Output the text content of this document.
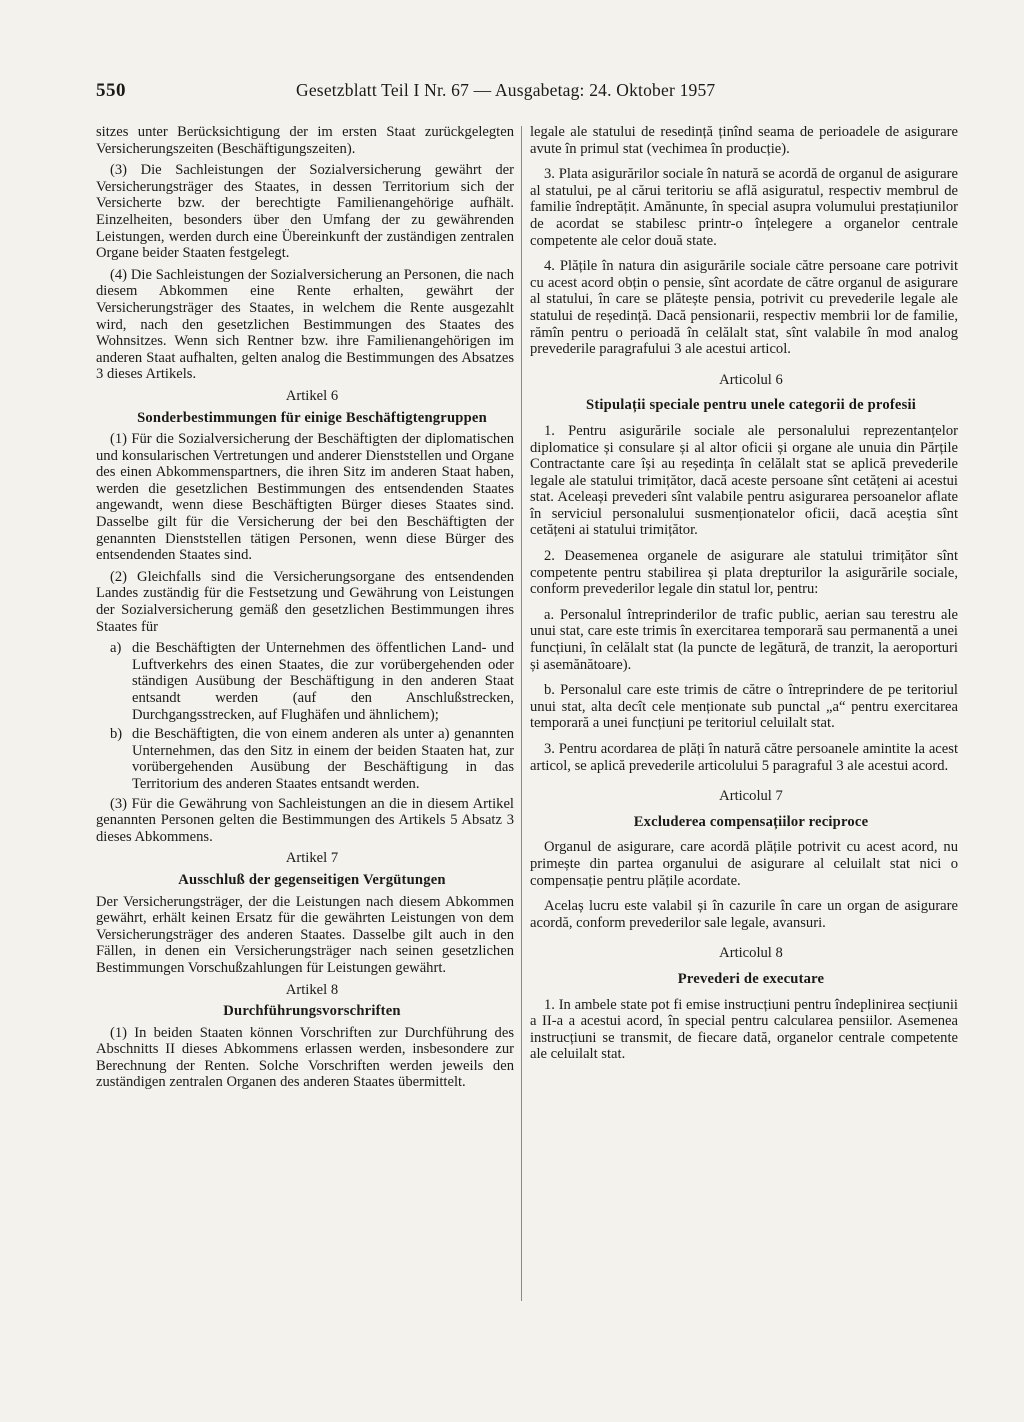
550	Gesetzblatt Teil I Nr. 67 — Ausgabetag: 24. Oktober 1957

sitzes unter Berücksichtigung der im ersten Staat zurückgelegten Versicherungszeiten (Beschäftigungszeiten).

(3) Die Sachleistungen der Sozialversicherung gewährt der Versicherungsträger des Staates, in dessen Territorium sich der Versicherte bzw. der berechtigte Familienangehörige aufhält. Einzelheiten, besonders über den Umfang der zu gewährenden Leistungen, werden durch eine Übereinkunft der zuständigen zentralen Organe beider Staaten festgelegt.

(4) Die Sachleistungen der Sozialversicherung an Personen, die nach diesem Abkommen eine Rente erhalten, gewährt der Versicherungsträger des Staates, in welchem die Rente ausgezahlt wird, nach den gesetzlichen Bestimmungen des Staates des Wohnsitzes. Wenn sich Rentner bzw. ihre Familienangehörigen im anderen Staat aufhalten, gelten analog die Bestimmungen des Absatzes 3 dieses Artikels.

Artikel 6

Sonderbestimmungen für einige Beschäftigtengruppen

(1) Für die Sozialversicherung der Beschäftigten der diplomatischen und konsularischen Vertretungen und anderer Dienststellen und Organe des einen Abkommenspartners, die ihren Sitz im anderen Staat haben, werden die gesetzlichen Bestimmungen des entsendenden Staates angewandt, wenn diese Beschäftigten Bürger dieses Staates sind. Dasselbe gilt für die Versicherung der bei den Beschäftigten der genannten Dienststellen tätigen Personen, wenn diese Bürger des entsendenden Staates sind.

(2) Gleichfalls sind die Versicherungsorgane des entsendenden Landes zuständig für die Festsetzung und Gewährung von Leistungen der Sozialversicherung gemäß den gesetzlichen Bestimmungen ihres Staates für

a) die Beschäftigten der Unternehmen des öffentlichen Land- und Luftverkehrs des einen Staates, die zur vorübergehenden oder ständigen Ausübung der Beschäftigung in den anderen Staat entsandt werden (auf den Anschlußstrecken, Durchgangsstrecken, auf Flughäfen und ähnlichem);
b) die Beschäftigten, die von einem anderen als unter a) genannten Unternehmen, das den Sitz in einem der beiden Staaten hat, zur vorübergehenden Ausübung der Beschäftigung in das Territorium des anderen Staates entsandt werden.

(3) Für die Gewährung von Sachleistungen an die in diesem Artikel genannten Personen gelten die Bestimmungen des Artikels 5 Absatz 3 dieses Abkommens.

Artikel 7

Ausschluß der gegenseitigen Vergütungen

Der Versicherungsträger, der die Leistungen nach diesem Abkommen gewährt, erhält keinen Ersatz für die gewährten Leistungen von dem Versicherungsträger des anderen Staates. Dasselbe gilt auch in den Fällen, in denen ein Versicherungsträger nach seinen gesetzlichen Bestimmungen Vorschußzahlungen für Leistungen gewährt.

Artikel 8

Durchführungsvorschriften

(1) In beiden Staaten können Vorschriften zur Durchführung des Abschnitts II dieses Abkommens erlassen werden, insbesondere zur Berechnung der Renten. Solche Vorschriften werden jeweils den zuständigen zentralen Organen des anderen Staates übermittelt.

legale ale statului de resedință ținînd seama de perioadele de asigurare avute în primul stat (vechimea în producție).

3. Plata asigurărilor sociale în natură se acordă de organul de asigurare al statului, pe al cărui teritoriu se află asiguratul, respectiv membrul de familie îndreptățit. Amănunte, în special asupra volumului prestațiunilor de acordat se stabilesc printr-o înțelegere a organelor centrale competente ale celor două state.

4. Plățile în natura din asigurările sociale către persoane care potrivit cu acest acord obțin o pensie, sînt acordate de către organul de asigurare al statului, în care se plătește pensia, potrivit cu prevederile legale ale statului de reședință. Dacă pensionarii, respectiv membrii lor de familie, rămîn pentru o perioadă în celălalt stat, sînt valabile în mod analog prevederile paragrafului 3 ale acestui articol.

Articolul 6

Stipulații speciale pentru unele categorii de profesii

1. Pentru asigurările sociale ale personalului reprezentanțelor diplomatice și consulare și al altor oficii și organe ale unuia din Părțile Contractante care își au reședința în celălalt stat se aplică prevederile legale ale statului trimițător, dacă aceste persoane sînt cetățeni ai acestui stat. Aceleași prevederi sînt valabile pentru asigurarea persoanelor aflate în serviciul personalului susmenționatelor oficii, dacă aceștia sînt cetățeni ai statului trimițător.

2. Deasemenea organele de asigurare ale statului trimițător sînt competente pentru stabilirea și plata drepturilor la asigurările sociale, conform prevederilor legale din statul lor, pentru:

a. Personalul întreprinderilor de trafic public, aerian sau terestru ale unui stat, care este trimis în exercitarea temporară sau permanentă a unei funcțiuni, în celălalt stat (la puncte de legătură, de tranzit, la aeroporturi și asemănătoare).

b. Personalul care este trimis de către o întreprindere de pe teritoriul unui stat, alta decît cele menționate sub punctal „a“ pentru exercitarea temporară a unei funcțiuni pe teritoriul celuilalt stat.

3. Pentru acordarea de plăți în natură către persoanele amintite la acest articol, se aplică prevederile articolului 5 paragraful 3 ale acestui acord.

Articolul 7

Excluderea compensațiilor reciproce

Organul de asigurare, care acordă plățile potrivit cu acest acord, nu primește din partea organului de asigurare al celuilalt stat nici o compensație pentru plățile acordate.

Acelaș lucru este valabil și în cazurile în care un organ de asigurare acordă, conform prevederilor sale legale, avansuri.

Articolul 8

Prevederi de executare

1. In ambele state pot fi emise instrucțiuni pentru îndeplinirea secțiunii a II-a a acestui acord, în special pentru calcularea pensiilor. Asemenea instrucțiuni se transmit, de fiecare dată, organelor centrale competente ale celuilalt stat.
